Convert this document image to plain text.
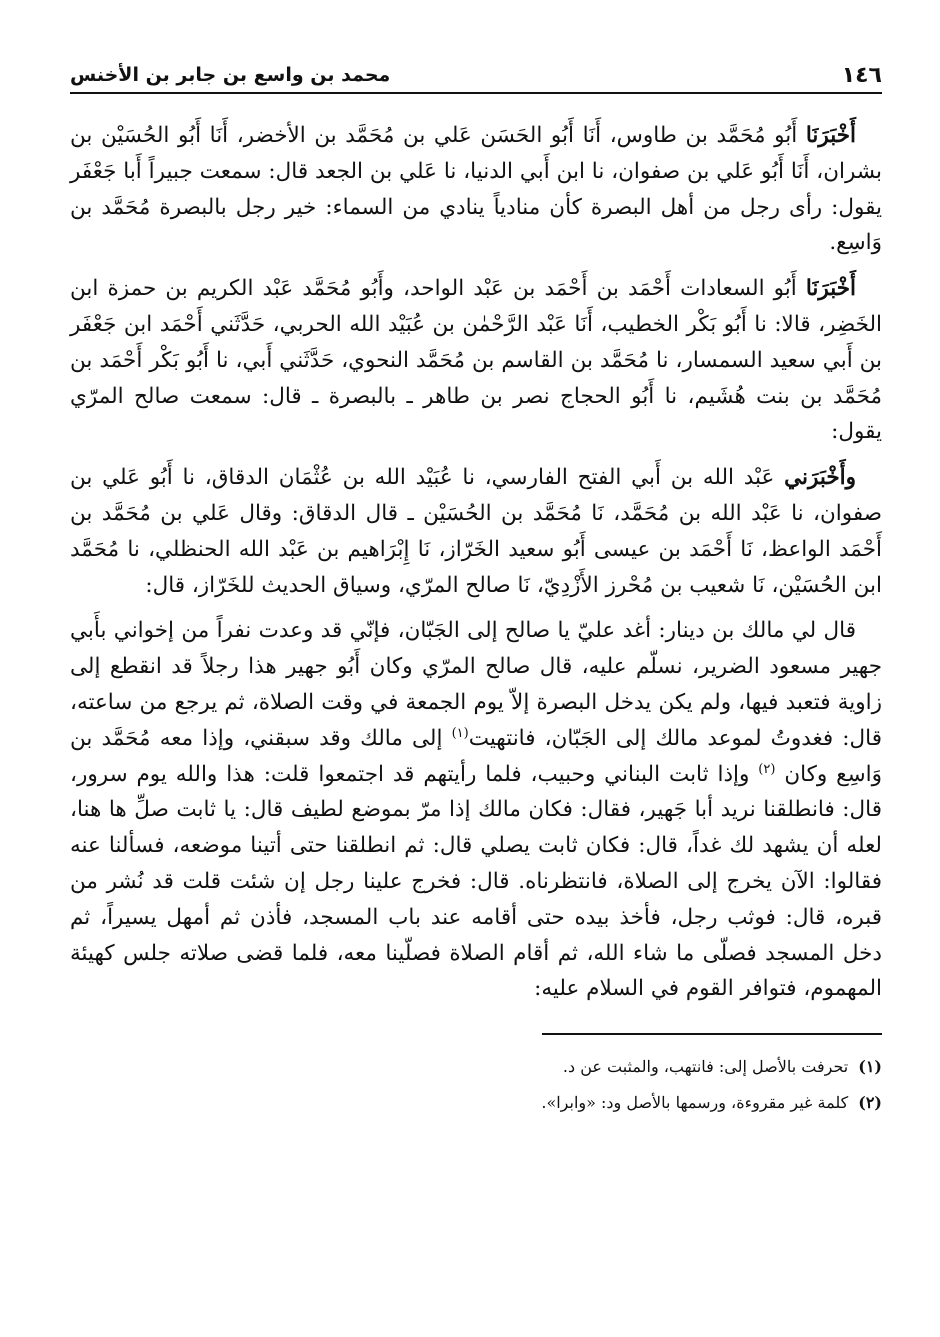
١٤٦
محمد بن واسع بن جابر بن الأخنس

أَخْبَرَنَا أَبُو مُحَمَّد بن طاوس، أَنَا أَبُو الحَسَن عَلي بن مُحَمَّد بن الأخضر، أَنَا أَبُو الحُسَيْن بن بشران، أَنَا أَبُو عَلي بن صفوان، نا ابن أَبي الدنيا، نا عَلي بن الجعد قال: سمعت جبيراً أَبا جَعْفَر يقول: رأى رجل من أهل البصرة كأن منادياً ينادي من السماء: خير رجل بالبصرة مُحَمَّد بن وَاسِع.

أَخْبَرَنَا أَبُو السعادات أَحْمَد بن أَحْمَد بن عَبْد الواحد، وأَبُو مُحَمَّد عَبْد الكريم بن حمزة ابن الخَضِر، قالا: نا أَبُو بَكْر الخطيب، أَنَا عَبْد الرَّحْمٰن بن عُبَيْد الله الحربي، حَدَّثَني أَحْمَد ابن جَعْفَر بن أَبي سعيد السمسار، نا مُحَمَّد بن القاسم بن مُحَمَّد النحوي، حَدَّثَني أَبي، نا أَبُو بَكْر أَحْمَد بن مُحَمَّد بن بنت هُشَيم، نا أَبُو الحجاج نصر بن طاهر ـ بالبصرة ـ قال: سمعت صالح المرّي يقول:

وأَخْبَرَني عَبْد الله بن أَبي الفتح الفارسي، نا عُبَيْد الله بن عُثْمَان الدقاق، نا أَبُو عَلي بن صفوان، نا عَبْد الله بن مُحَمَّد، نَا مُحَمَّد بن الحُسَيْن ـ قال الدقاق: وقال عَلي بن مُحَمَّد بن أَحْمَد الواعظ، نَا أَحْمَد بن عيسى أَبُو سعيد الخَرّاز، نَا إِبْرَاهيم بن عَبْد الله الحنظلي، نا مُحَمَّد ابن الحُسَيْن، نَا شعيب بن مُحْرز الأَزْدِيّ، نَا صالح المرّي، وسياق الحديث للخَرّاز، قال:

قال لي مالك بن دينار: أغد عليّ يا صالح إلى الجَبّان، فإنّي قد وعدت نفراً من إخواني بأَبي جهير مسعود الضرير، نسلّم عليه، قال صالح المرّي وكان أَبُو جهير هذا رجلاً قد انقطع إلى زاوية فتعبد فيها، ولم يكن يدخل البصرة إلاّ يوم الجمعة في وقت الصلاة، ثم يرجع من ساعته، قال: فغدوتُ لموعد مالك إلى الجَبّان، فانتهيت$^{(١)}$ إلى مالك وقد سبقني، وإذا معه مُحَمَّد بن وَاسِع وكان $^{(٢)}$ وإذا ثابت البناني وحبيب، فلما رأيتهم قد اجتمعوا قلت: هذا والله يوم سرور، قال: فانطلقنا نريد أبا جَهير، فقال: فكان مالك إذا مرّ بموضع لطيف قال: يا ثابت صلِّ ها هنا، لعله أن يشهد لك غداً، قال: فكان ثابت يصلي قال: ثم انطلقنا حتى أتينا موضعه، فسألنا عنه فقالوا: الآن يخرج إلى الصلاة، فانتظرناه. قال: فخرج علينا رجل إن شئت قلت قد نُشر من قبره، قال: فوثب رجل، فأخذ بيده حتى أقامه عند باب المسجد، فأذن ثم أمهل يسيراً، ثم دخل المسجد فصلّى ما شاء الله، ثم أقام الصلاة فصلّينا معه، فلما قضى صلاته جلس كهيئة المهموم، فتوافر القوم في السلام عليه:

(١)تحرفت بالأصل إلى: فانتهب، والمثبت عن د.

(٢)كلمة غير مقروءة، ورسمها بالأصل ود: «وابرا».
